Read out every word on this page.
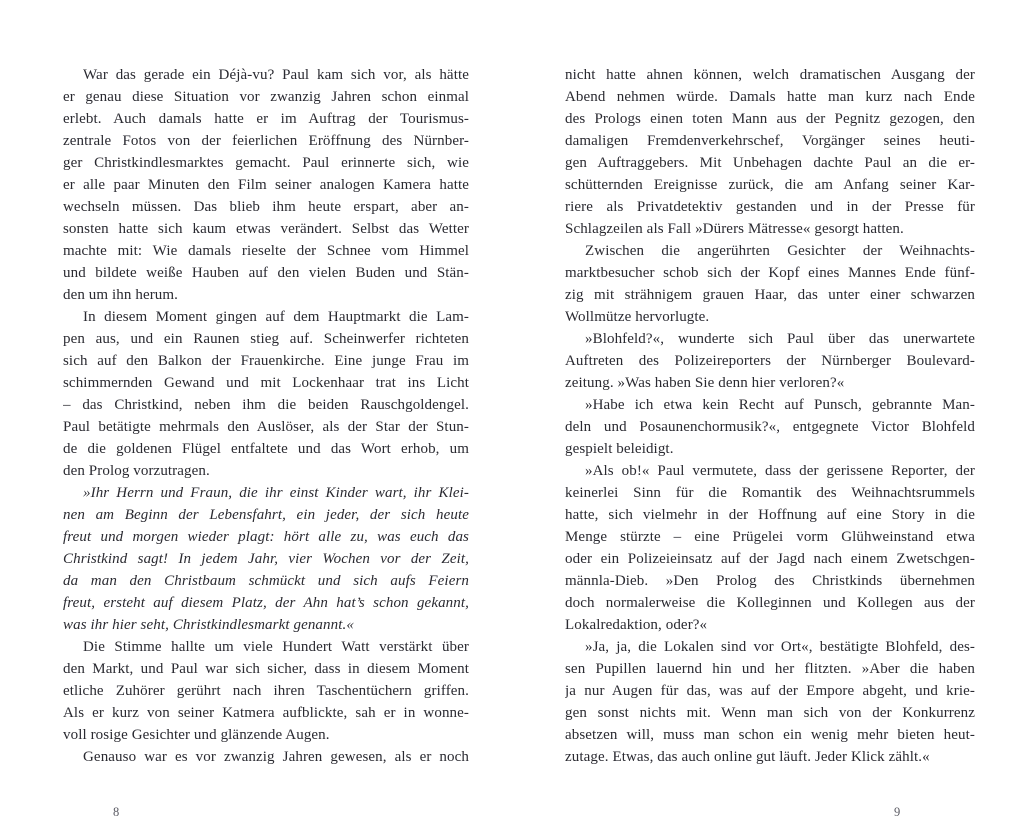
War das gerade ein Déjà-vu? Paul kam sich vor, als hätte
er genau diese Situation vor zwanzig Jahren schon einmal
erlebt. Auch damals hatte er im Auftrag der Tourismus-
zentrale Fotos von der feierlichen Eröffnung des Nürnber-
ger Christkindlesmarktes gemacht. Paul erinnerte sich, wie
er alle paar Minuten den Film seiner analogen Kamera hatte
wechseln müssen. Das blieb ihm heute erspart, aber an-
sonsten hatte sich kaum etwas verändert. Selbst das Wetter
machte mit: Wie damals rieselte der Schnee vom Himmel
und bildete weiße Hauben auf den vielen Buden und Stän-
den um ihn herum.
In diesem Moment gingen auf dem Hauptmarkt die Lam-
pen aus, und ein Raunen stieg auf. Scheinwerfer richteten
sich auf den Balkon der Frauenkirche. Eine junge Frau im
schimmernden Gewand und mit Lockenhaar trat ins Licht
– das Christkind, neben ihm die beiden Rauschgoldengel.
Paul betätigte mehrmals den Auslöser, als der Star der Stun-
de die goldenen Flügel entfaltete und das Wort erhob, um
den Prolog vorzutragen.
»Ihr Herrn und Fraun, die ihr einst Kinder wart, ihr Klei-
nen am Beginn der Lebensfahrt, ein jeder, der sich heute
freut und morgen wieder plagt: hört alle zu, was euch das
Christkind sagt! In jedem Jahr, vier Wochen vor der Zeit,
da man den Christbaum schmückt und sich aufs Feiern
freut, ersteht auf diesem Platz, der Ahn hat’s schon gekannt,
was ihr hier seht, Christkindlesmarkt genannt.«
Die Stimme hallte um viele Hundert Watt verstärkt über
den Markt, und Paul war sich sicher, dass in diesem Moment
etliche Zuhörer gerührt nach ihren Taschentüchern griffen.
Als er kurz von seiner Katmera aufblickte, sah er in wonne-
voll rosige Gesichter und glänzende Augen.
Genauso war es vor zwanzig Jahren gewesen, als er noch
nicht hatte ahnen können, welch dramatischen Ausgang der
Abend nehmen würde. Damals hatte man kurz nach Ende
des Prologs einen toten Mann aus der Pegnitz gezogen, den
damaligen Fremdenverkehrschef, Vorgänger seines heuti-
gen Auftraggebers. Mit Unbehagen dachte Paul an die er-
schütternden Ereignisse zurück, die am Anfang seiner Kar-
riere als Privatdetektiv gestanden und in der Presse für
Schlagzeilen als Fall »Dürers Mätresse« gesorgt hatten.
Zwischen die angerührten Gesichter der Weihnachts-
marktbesucher schob sich der Kopf eines Mannes Ende fünf-
zig mit strähnigem grauen Haar, das unter einer schwarzen
Wollmütze hervorlugte.
»Blohfeld?«, wunderte sich Paul über das unerwartete
Auftreten des Polizeireporters der Nürnberger Boulevard-
zeitung. »Was haben Sie denn hier verloren?«
»Habe ich etwa kein Recht auf Punsch, gebrannte Man-
deln und Posaunenchormusik?«, entgegnete Victor Blohfeld
gespielt beleidigt.
»Als ob!« Paul vermutete, dass der gerissene Reporter, der
keinerlei Sinn für die Romantik des Weihnachtsrummels
hatte, sich vielmehr in der Hoffnung auf eine Story in die
Menge stürzte – eine Prügelei vorm Glühweinstand etwa
oder ein Polizeieinsatz auf der Jagd nach einem Zwetschgen-
männla-Dieb. »Den Prolog des Christkinds übernehmen
doch normalerweise die Kolleginnen und Kollegen aus der
Lokalredaktion, oder?«
»Ja, ja, die Lokalen sind vor Ort«, bestätigte Blohfeld, des-
sen Pupillen lauernd hin und her flitzten. »Aber die haben
ja nur Augen für das, was auf der Empore abgeht, und krie-
gen sonst nichts mit. Wenn man sich von der Konkurrenz
absetzen will, muss man schon ein wenig mehr bieten heut-
zutage. Etwas, das auch online gut läuft. Jeder Klick zählt.«
8	9
